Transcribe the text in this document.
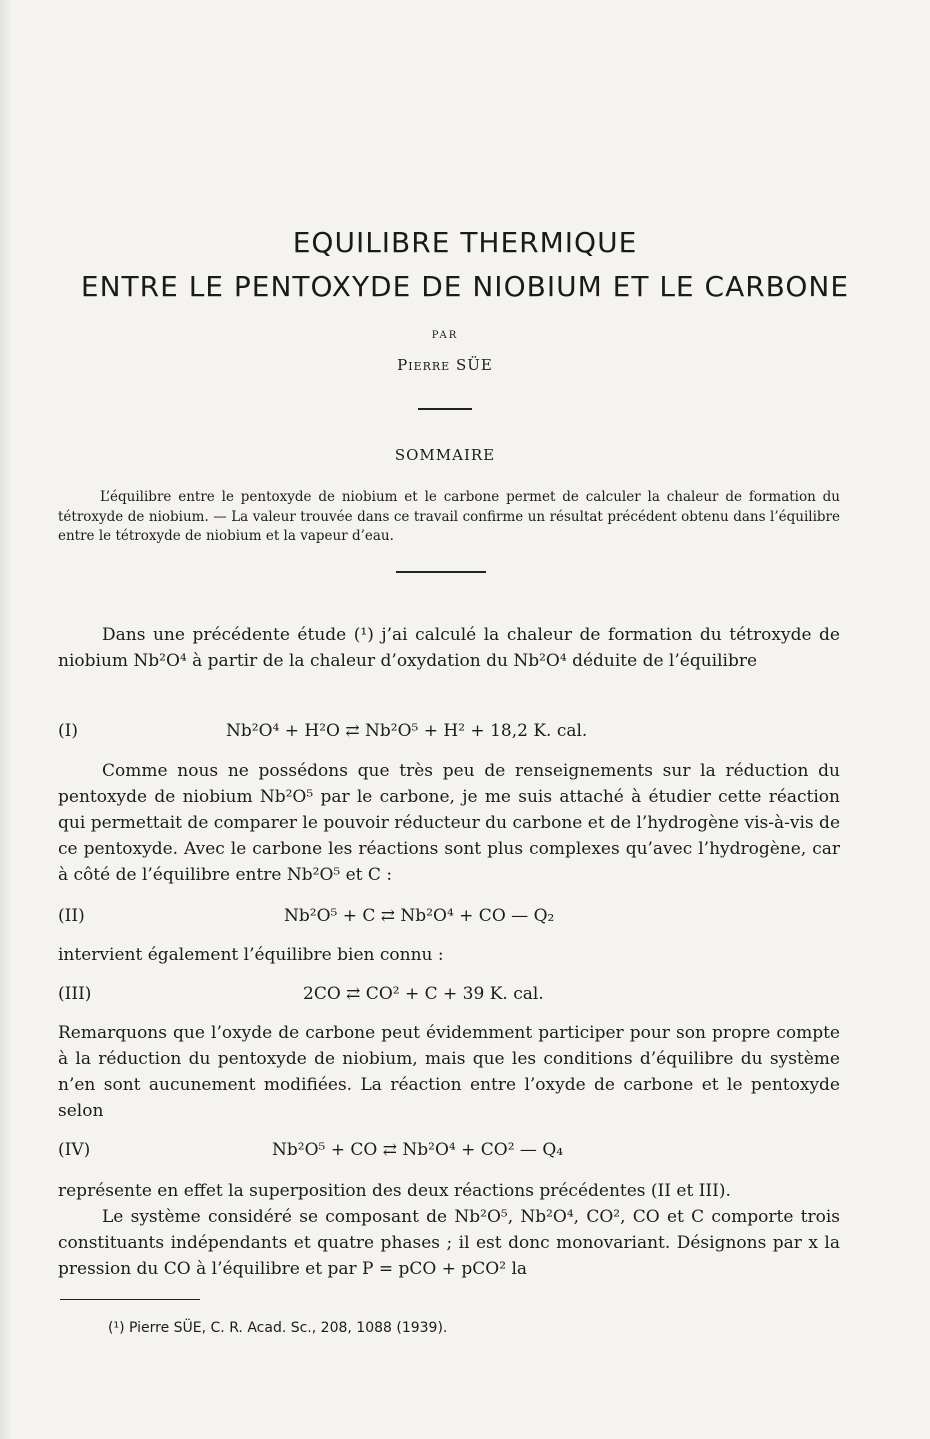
EQUILIBRE THERMIQUE
ENTRE LE PENTOXYDE DE NIOBIUM ET LE CARBONE
PAR
Pierre SÜE
SOMMAIRE
L’équilibre entre le pentoxyde de niobium et le carbone permet de calculer la chaleur de formation du tétroxyde de niobium. — La valeur trouvée dans ce travail confirme un résultat précédent obtenu dans l’équilibre entre le tétroxyde de niobium et la vapeur d’eau.
Dans une précédente étude (¹) j’ai calculé la chaleur de formation du tétroxyde de niobium Nb²O⁴ à partir de la chaleur d’oxydation du Nb²O⁴ déduite de l’équilibre
(I)	Nb²O⁴ + H²O ⇄ Nb²O⁵ + H² + 18,2 K. cal.
Comme nous ne possédons que très peu de renseignements sur la réduction du pentoxyde de niobium Nb²O⁵ par le carbone, je me suis attaché à étudier cette réaction qui permettait de comparer le pouvoir réducteur du carbone et de l’hydrogène vis-à-vis de ce pentoxyde. Avec le carbone les réactions sont plus complexes qu’avec l’hydrogène, car à côté de l’équilibre entre Nb²O⁵ et C :
(II)	Nb²O⁵ + C ⇄ Nb²O⁴ + CO — Q₂
intervient également l’équilibre bien connu :
(III)	2CO ⇄ CO² + C + 39 K. cal.
Remarquons que l’oxyde de carbone peut évidemment participer pour son propre compte à la réduction du pentoxyde de niobium, mais que les conditions d’équilibre du système n’en sont aucunement modifiées. La réaction entre l’oxyde de carbone et le pentoxyde selon
(IV)	Nb²O⁵ + CO ⇄ Nb²O⁴ + CO² — Q₄
représente en effet la superposition des deux réactions précédentes (II et III).
Le système considéré se composant de Nb²O⁵, Nb²O⁴, CO², CO et C comporte trois constituants indépendants et quatre phases ; il est donc monovariant. Désignons par x la pression du CO à l’équilibre et par P = pCO + pCO² la
(¹) Pierre SÜE, C. R. Acad. Sc., 208, 1088 (1939).
